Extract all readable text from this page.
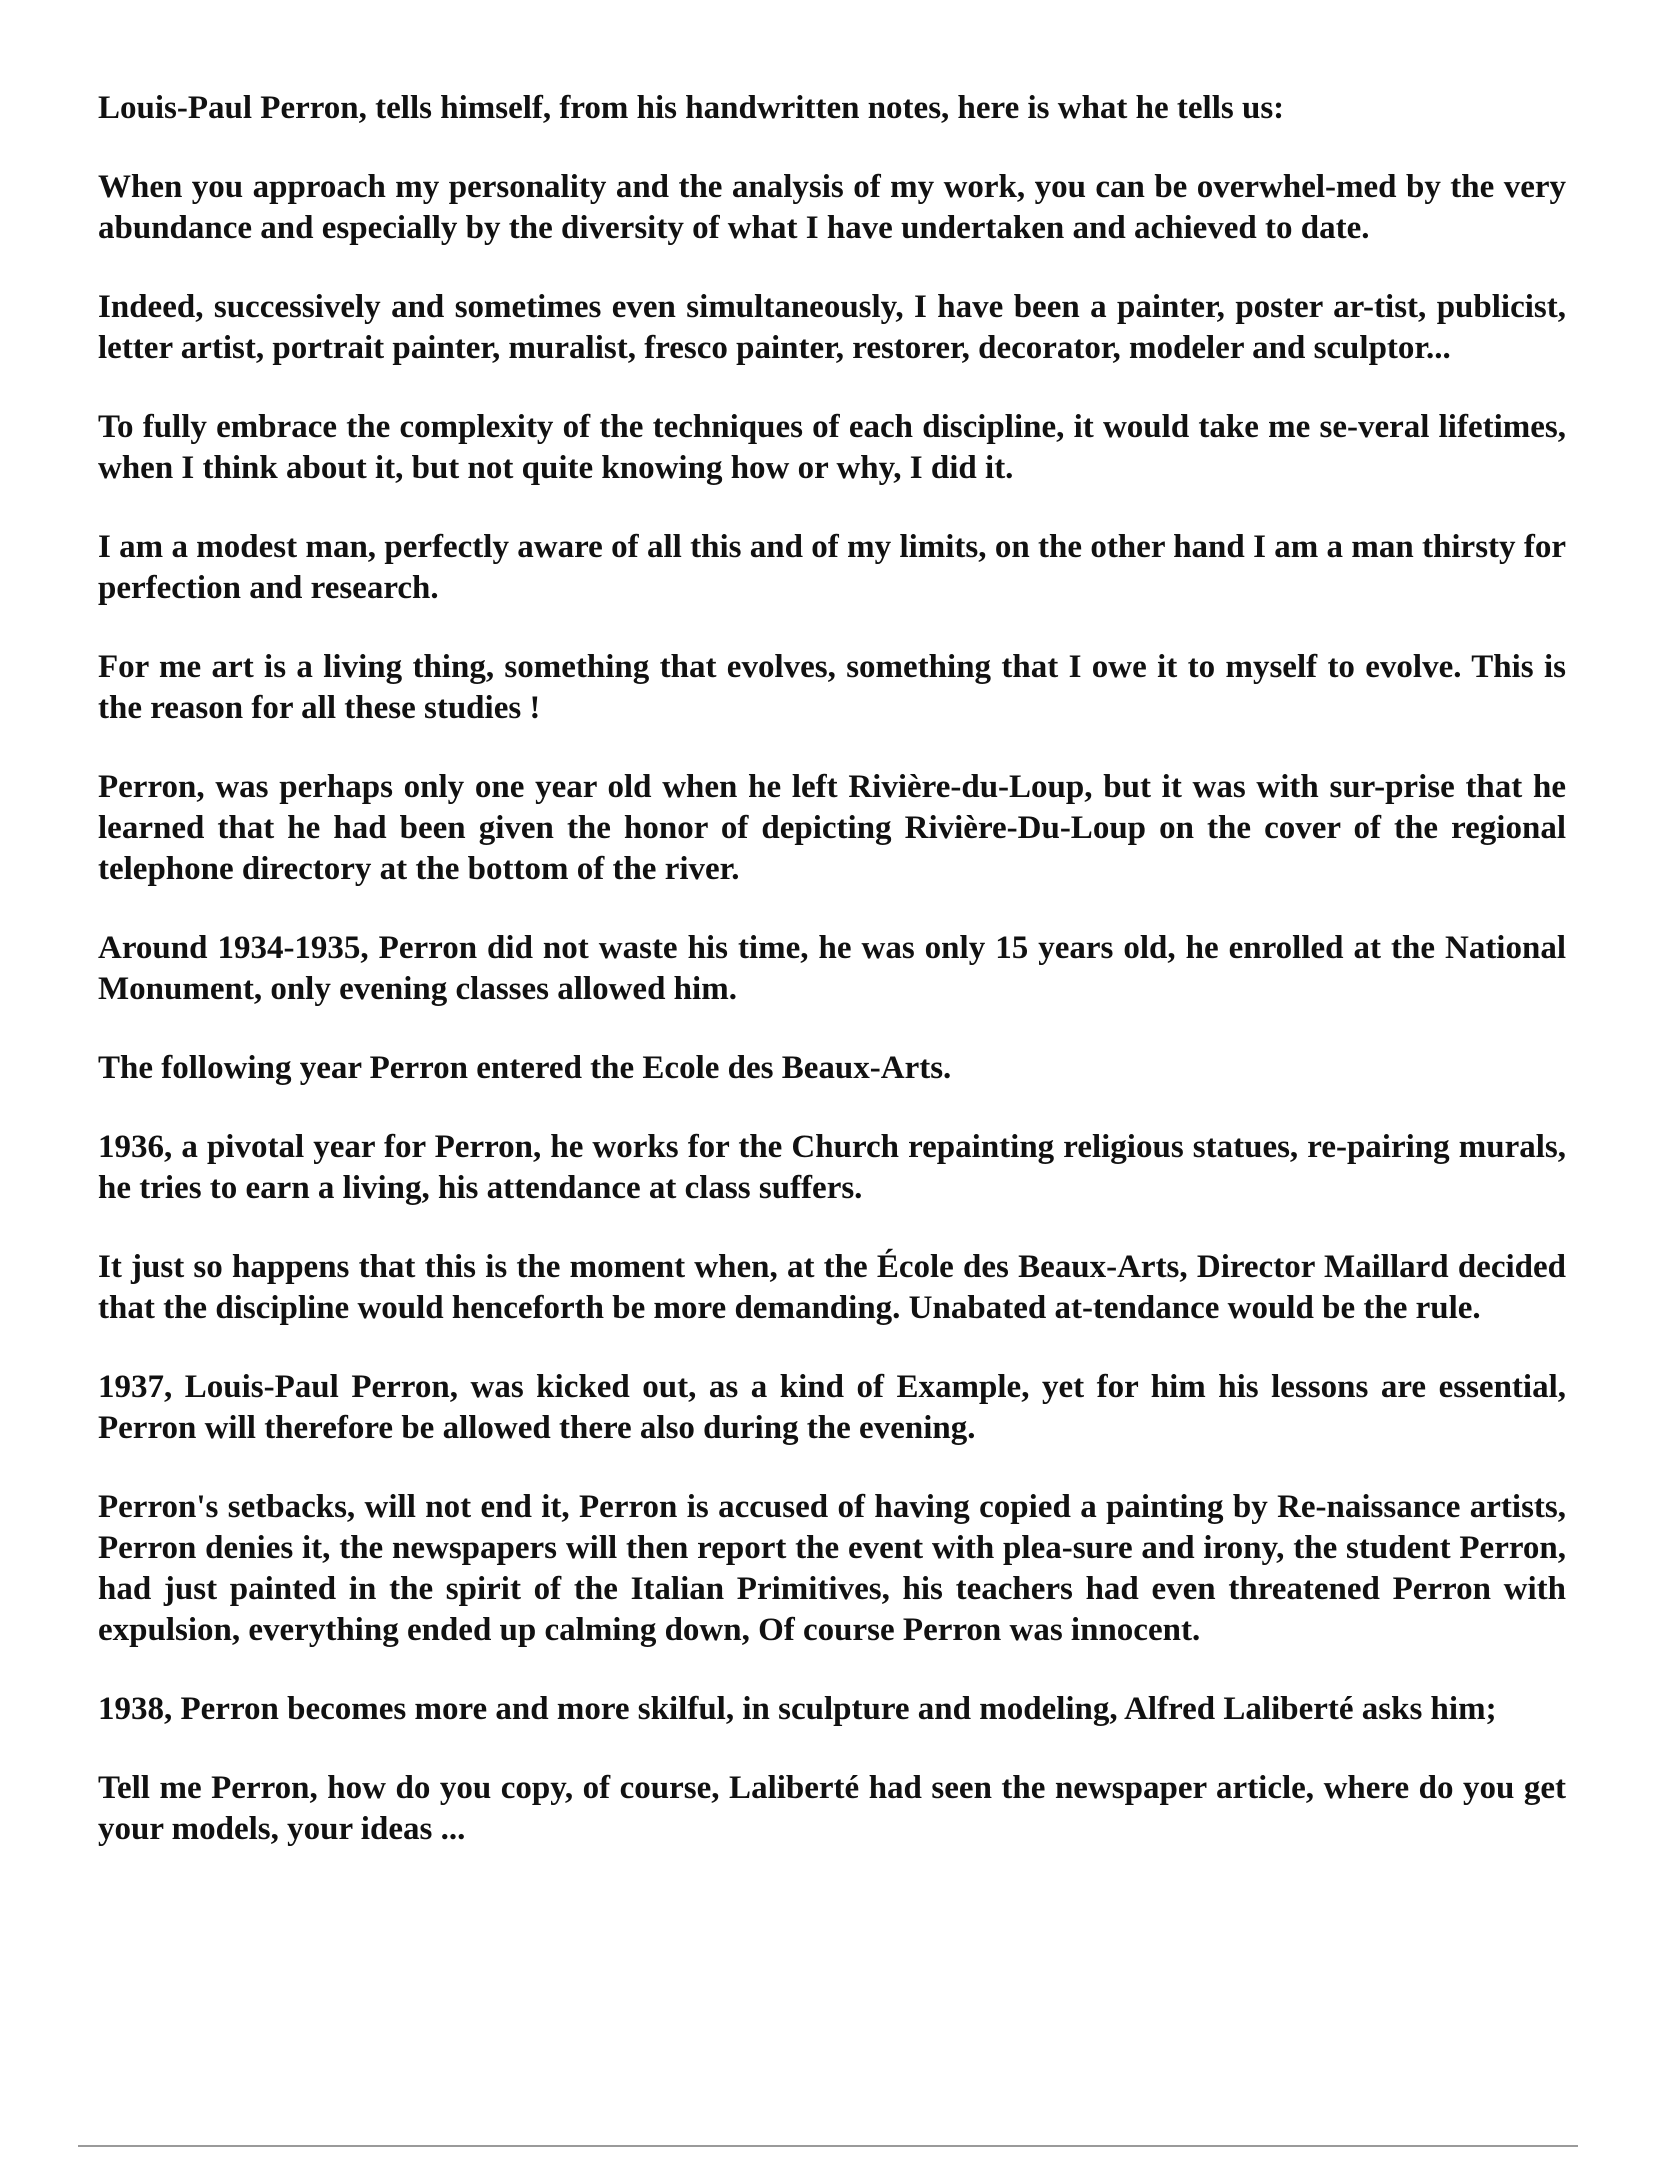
Louis-Paul Perron, tells himself, from his handwritten notes, here is what he tells us:

When you approach my personality and the analysis of my work, you can be overwhel-med by the very abundance and especially by the diversity of what I have undertaken and achieved to date.

Indeed, successively and sometimes even simultaneously, I have been a painter, poster ar-tist, publicist, letter artist, portrait painter, muralist, fresco painter, restorer, decorator, modeler and sculptor...

To fully embrace the complexity of the techniques of each discipline, it would take me se-veral lifetimes, when I think about it, but not quite knowing how or why, I did it.

I am a modest man, perfectly aware of all this and of my limits, on the other hand I am a man thirsty for perfection and research.

For me art is a living thing, something that evolves, something that I owe it to myself to evolve. This is the reason for all these studies !

Perron, was perhaps only one year old when he left Rivière-du-Loup, but it was with sur-prise that he learned that he had been given the honor of depicting Rivière-Du-Loup on the cover of the regional telephone directory at the bottom of the river.

Around 1934-1935, Perron did not waste his time, he was only 15 years old, he enrolled at the National Monument, only evening classes allowed him.

The following year Perron entered the Ecole des Beaux-Arts.

1936, a pivotal year for Perron, he works for the Church repainting religious statues, re-pairing murals, he tries to earn a living, his attendance at class suffers.

It just so happens that this is the moment when, at the École des Beaux-Arts, Director Maillard decided that the discipline would henceforth be more demanding. Unabated at-tendance would be the rule.

1937, Louis-Paul Perron, was kicked out, as a kind of Example, yet for him his lessons are essential, Perron will therefore be allowed there also during the evening.

Perron's setbacks, will not end it, Perron is accused of having copied a painting by Re-naissance artists, Perron denies it, the newspapers will then report the event with plea-sure and irony, the student Perron, had just painted in the spirit of the Italian Primitives, his teachers had even threatened Perron with expulsion, everything ended up calming down, Of course Perron was innocent.

1938, Perron becomes more and more skilful, in sculpture and modeling, Alfred Laliberté asks him;

Tell me Perron, how do you copy, of course, Laliberté had seen the newspaper article, where do you get your models, your ideas ...
